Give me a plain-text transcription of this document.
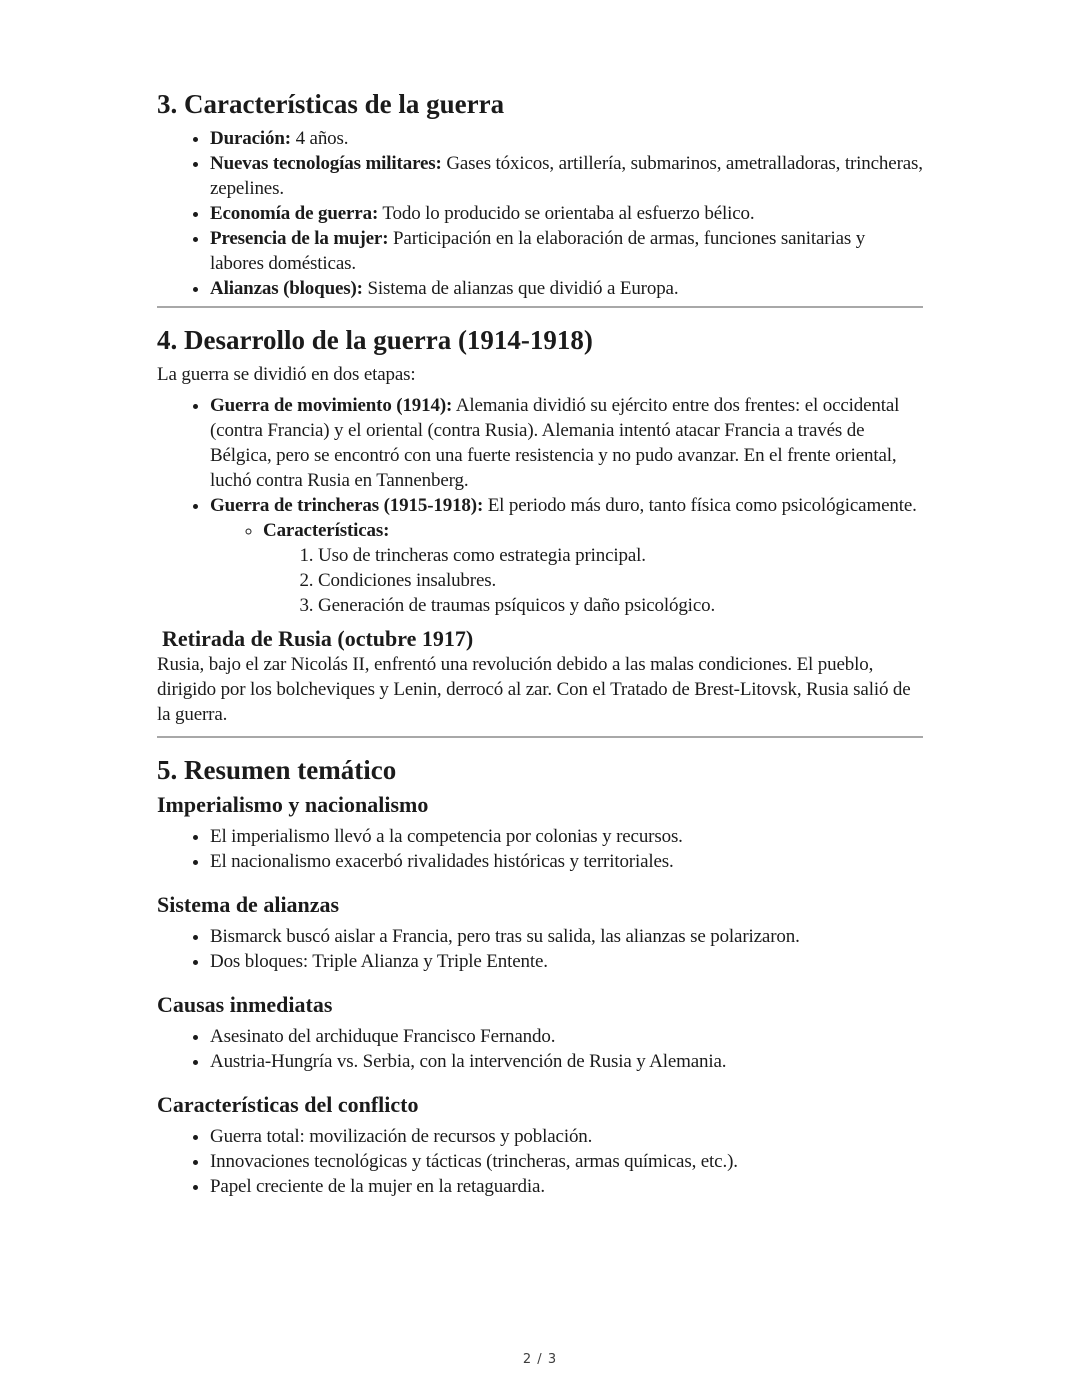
3. Características de la guerra
• Duración: 4 años.
• Nuevas tecnologías militares: Gases tóxicos, artillería, submarinos, ametralladoras, trincheras, zepelines.
• Economía de guerra: Todo lo producido se orientaba al esfuerzo bélico.
• Presencia de la mujer: Participación en la elaboración de armas, funciones sanitarias y labores domésticas.
• Alianzas (bloques): Sistema de alianzas que dividió a Europa.
4. Desarrollo de la guerra (1914-1918)

La guerra se dividió en dos etapas:

• Guerra de movimiento (1914): Alemania dividió su ejército entre dos frentes: el occidental (contra Francia) y el oriental (contra Rusia). Alemania intentó atacar Francia a través de Bélgica, pero se encontró con una fuerte resistencia y no pudo avanzar. En el frente oriental, luchó contra Rusia en Tannenberg.
• Guerra de trincheras (1915-1918): El periodo más duro, tanto física como psicológicamente.
◦ Características:
1. Uso de trincheras como estrategia principal.
2. Condiciones insalubres.
3. Generación de traumas psíquicos y daño psicológico.
Retirada de Rusia (octubre 1917)

Rusia, bajo el zar Nicolás II, enfrentó una revolución debido a las malas condiciones. El pueblo, dirigido por los bolcheviques y Lenin, derrocó al zar. Con el Tratado de Brest-Litovsk, Rusia salió de la guerra.

5. Resumen temático
Imperialismo y nacionalismo
• El imperialismo llevó a la competencia por colonias y recursos.
• El nacionalismo exacerbó rivalidades históricas y territoriales.
Sistema de alianzas
• Bismarck buscó aislar a Francia, pero tras su salida, las alianzas se polarizaron.
• Dos bloques: Triple Alianza y Triple Entente.
Causas inmediatas
• Asesinato del archiduque Francisco Fernando.
• Austria-Hungría vs. Serbia, con la intervención de Rusia y Alemania.
Características del conflicto
• Guerra total: movilización de recursos y población.
• Innovaciones tecnológicas y tácticas (trincheras, armas químicas, etc.).
• Papel creciente de la mujer en la retaguardia.
2 / 3
